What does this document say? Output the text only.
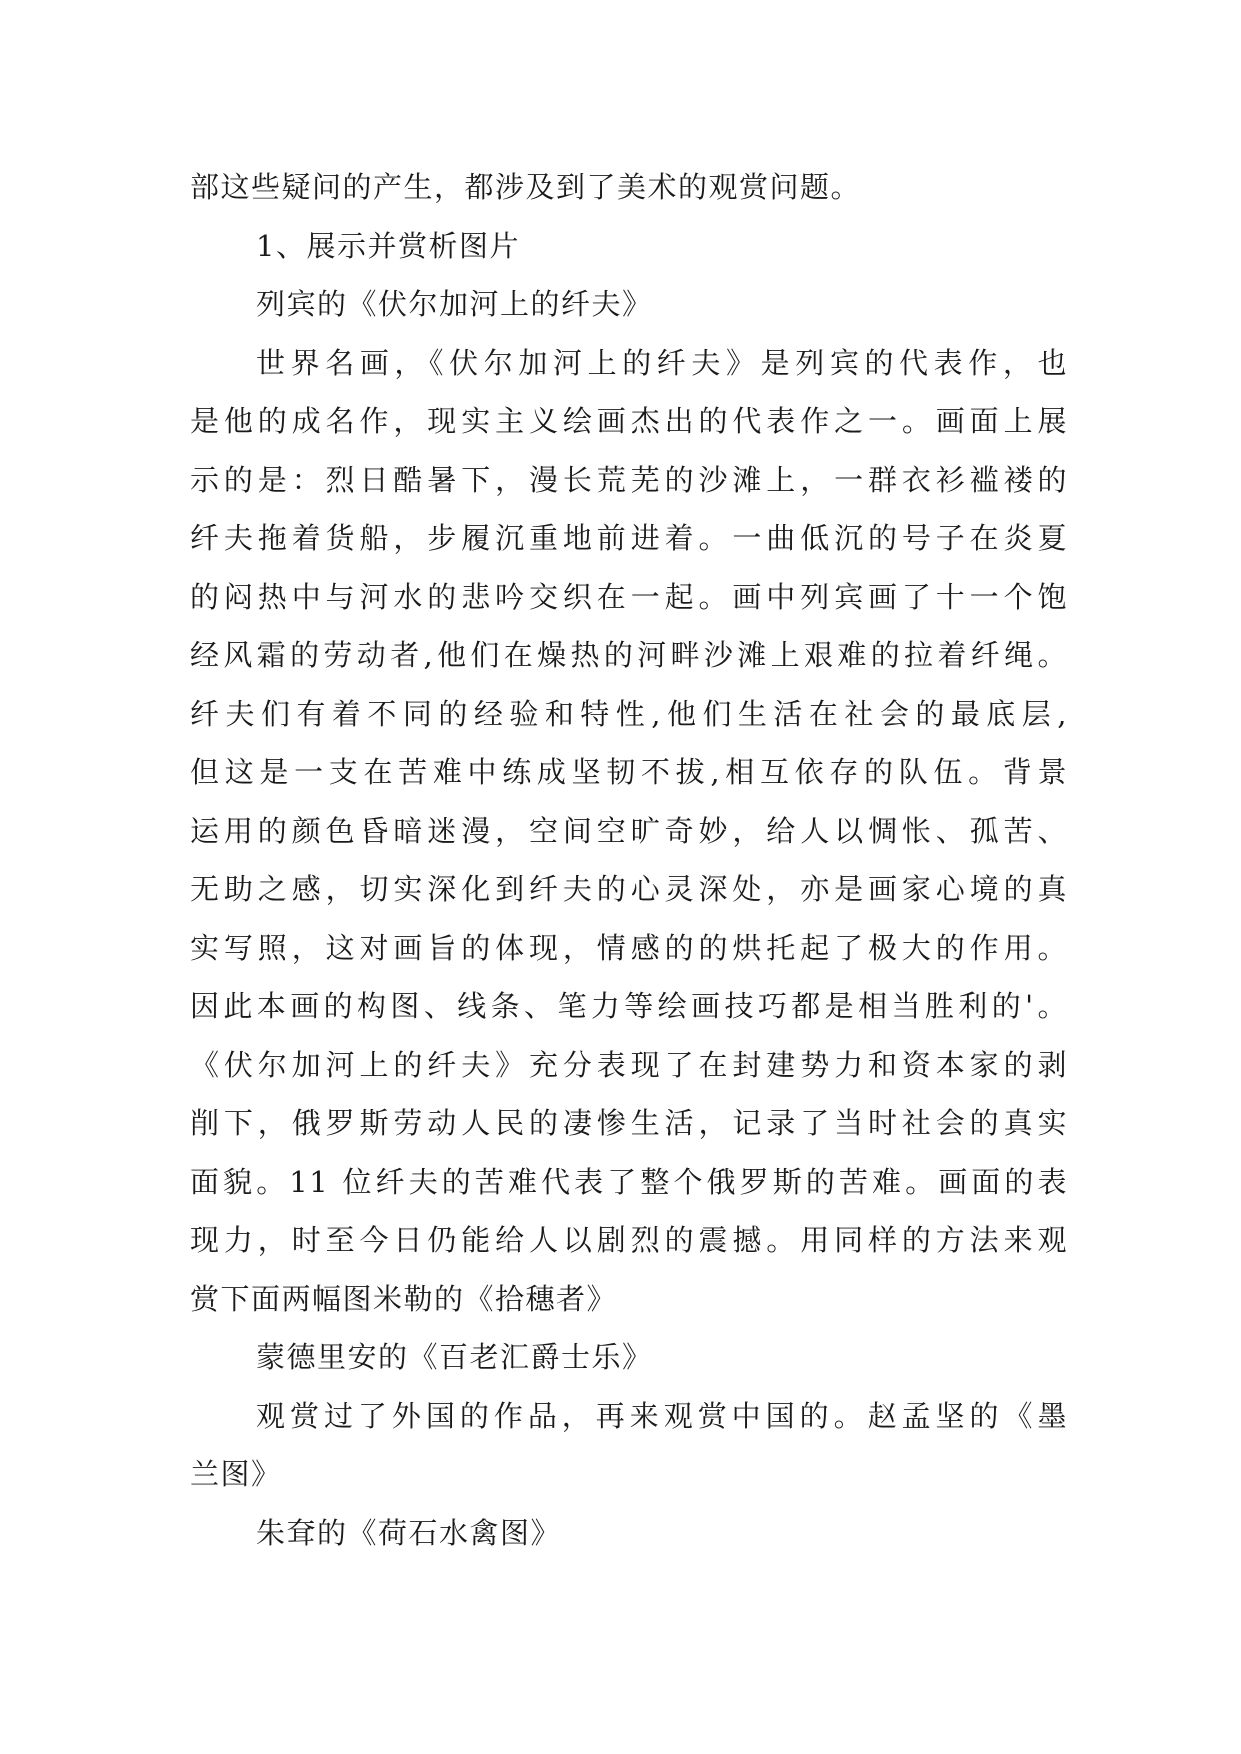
部这些疑问的产生，都涉及到了美术的观赏问题。
1、展示并赏析图片
列宾的《伏尔加河上的纤夫》
世界名画，《伏尔加河上的纤夫》是列宾的代表作，也
是他的成名作，现实主义绘画杰出的代表作之一。画面上展
示的是：烈日酷暑下，漫长荒芜的沙滩上，一群衣衫褴褛的
纤夫拖着货船，步履沉重地前进着。一曲低沉的号子在炎夏
的闷热中与河水的悲吟交织在一起。画中列宾画了十一个饱
经风霜的劳动者,他们在燥热的河畔沙滩上艰难的拉着纤绳。
纤夫们有着不同的经验和特性,他们生活在社会的最底层,
但这是一支在苦难中练成坚韧不拔,相互依存的队伍。背景
运用的颜色昏暗迷漫，空间空旷奇妙，给人以惆怅、孤苦、
无助之感，切实深化到纤夫的心灵深处，亦是画家心境的真
实写照，这对画旨的体现，情感的的烘托起了极大的作用。
因此本画的构图、线条、笔力等绘画技巧都是相当胜利的'。
《伏尔加河上的纤夫》充分表现了在封建势力和资本家的剥
削下，俄罗斯劳动人民的凄惨生活，记录了当时社会的真实
面貌。11 位纤夫的苦难代表了整个俄罗斯的苦难。画面的表
现力，时至今日仍能给人以剧烈的震撼。用同样的方法来观
赏下面两幅图米勒的《拾穗者》
蒙德里安的《百老汇爵士乐》
观赏过了外国的作品，再来观赏中国的。赵孟坚的《墨
兰图》
朱耷的《荷石水禽图》
